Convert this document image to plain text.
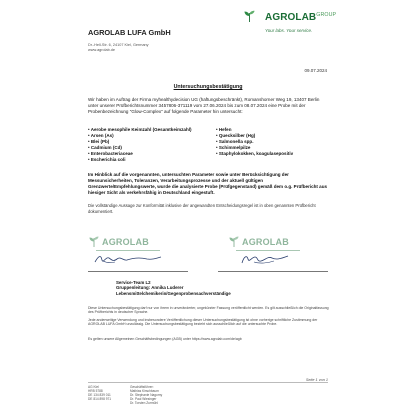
AGROLAB LUFA GmbH
Dr.-Hell-Str. 6, 24107 Kiel, Germany
www.agrolab.de
$AGROLAB^{GROUP}$
Your labs. Your service.
09.07.2024
Untersuchungsbestätigung
Wir haben im Auftrag der Firma myhealthydecision UG (haftungsbeschränkt), Romanshorner Weg 19, 13407 Berlin unter unserer Prüfberichtsnummer 3457806-371119 vom 27.06.2024 bis zum 08.07.2024 eine Probe mit der Probenbezeichnung "Glow-Complex" auf folgende Parameter hin untersucht:
• Aerobe mesophile Keimzahl (Gesamtkeimzahl)
• Arsen (As)
• Blei (Pb)
• Cadmium (Cd)
• Enterobacteriaceae
• Escherichia coli
• Hefen
• Quecksilber (Hg)
• Salmonella spp.
• Schimmelpilze
• Staphylokokken, koagulasepositiv
Im Hinblick auf die vorgenannten, untersuchten Parameter sowie unter Berücksichtigung der Messunsicherheiten, Toleranzen, Verarbeitungsprozesse und der aktuell gültigen Grenzwerte/Empfehlungswerte, wurde die analysierte Probe (Prüfgegenstand) gemäß dem o.g. Prüfbericht aus hiesiger Sicht als verkehrsfähig in Deutschland eingestuft.
Die vollständige Aussage zur Konformität inklusive der angewandten Entscheidungsregel ist in oben genannten Prüfbericht dokumentiert.
AGROLAB	AGROLAB
Service-Team L2
Gruppenleitung: Annika Luderer
Lebensmittelchemikerin/Gegenprobensachverständige
Diese Untersuchungsbestätigung darf nur von ihrem in unveränderter, ungekürzter Fassung veröffentlicht werden. Es gilt ausschließlich die Originalfassung des Prüfberichts in deutscher Sprache.
Jede anderweitige Verwendung und insbesondere Veröffentlichung dieser Untersuchungsbestätigung ist ohne vorherige schriftliche Zustimmung der AGROLAB LUFA GmbH unzulässig. Die Untersuchungsbestätigung bezieht sich ausschließlich auf die untersuchte Probe.
Es gelten unsere Allgemeinen Geschäftsbedingungen (AGB) unter https://www.agrolab.com/de/agb
Seite 1 von 1
AG Kiel
HRB 5788
DE 134 839 011
DE 814 898 971
Geschäftsführer:
Mathias Kirschbaum
Dr. Stephanie Nagorny
Dr. Paul Wiesinger
Dr. Torsten Zurmühl
